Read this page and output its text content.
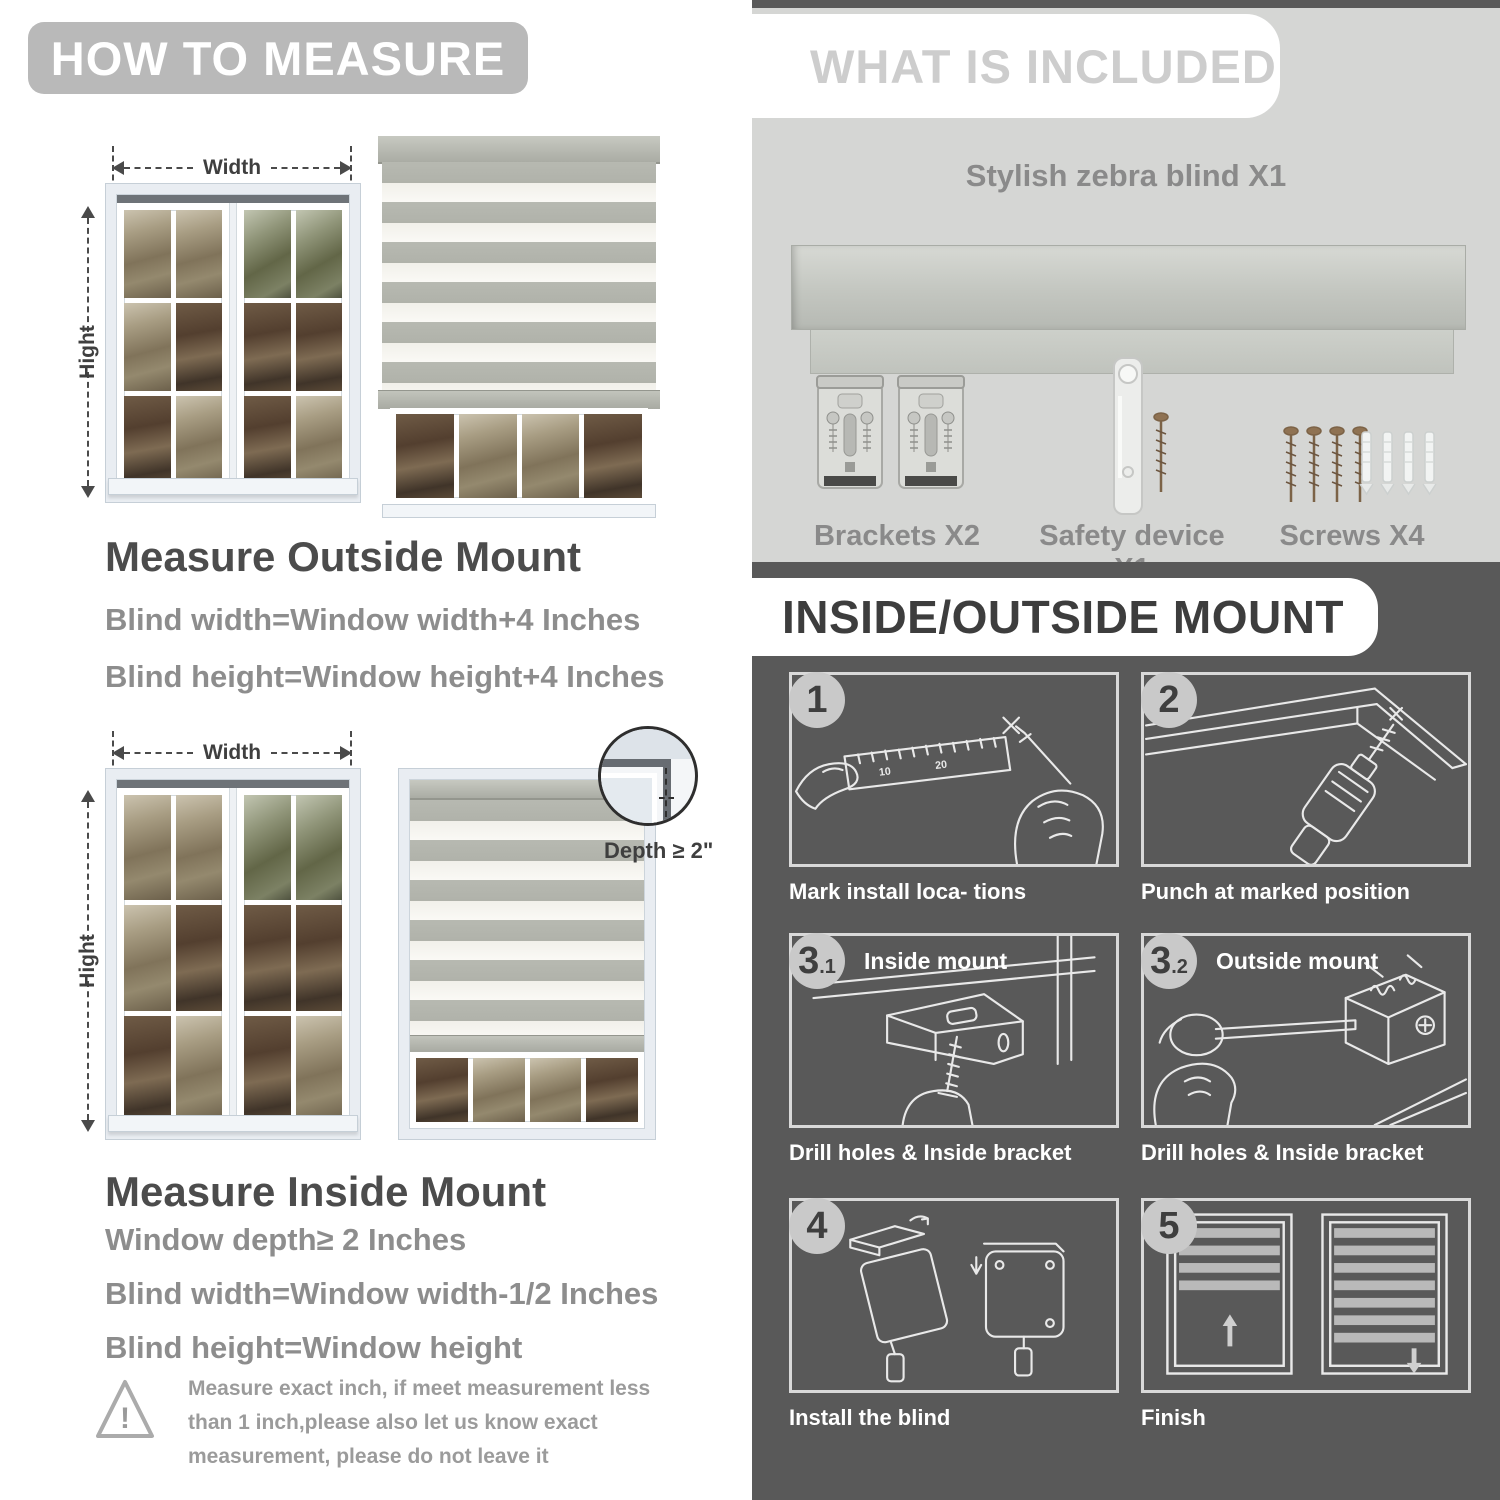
HOW TO MEASURE
Width
Hight
Measure Outside Mount
Blind width=Window width+4 Inches
Blind height=Window height+4 Inches
Width
Hight
Depth ≥ 2"
Measure Inside Mount
Window depth≥ 2 Inches
Blind width=Window width-1/2 Inches
Blind height=Window height
!
Measure exact inch, if meet measurement less
than 1 inch,please also let us know exact
measurement, please do not leave it
WHAT IS INCLUDED
Stylish zebra blind X1
Brackets X2	Safety device	Screws X4
INSIDE/OUTSIDE MOUNT
10
20
1
Mark install loca- tions
2
Punch at marked position
3 .1 Inside mount
Drill holes & Inside bracket
3 .2 Outside mount
Drill holes & Inside bracket
4
Install the blind
5
Finish
